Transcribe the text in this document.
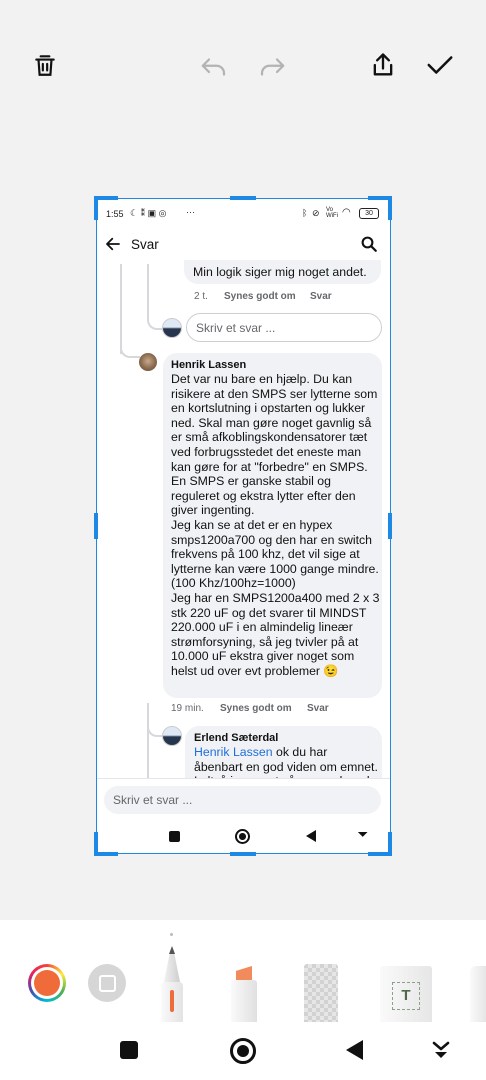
1:55 ☾ ⁑ ▣ ◎ ···	ᛒ ⊘ Vo
WiFi ◠	30
Svar
Min logik siger mig noget andet.
2 t. Synes godt om Svar
Skriv et svar ...
Henrik Lassen
Det var nu bare en hjælp. Du kan
risikere at den SMPS ser lytterne som
en kortslutning i opstarten og lukker
ned. Skal man gøre noget gavnlig så
er små afkoblingskondensatorer tæt
ved forbrugsstedet det eneste man
kan gøre for at "forbedre" en SMPS.
En SMPS er ganske stabil og
reguleret og ekstra lytter efter den
giver ingenting.
Jeg kan se at det er en hypex
smps1200a700 og den har en switch
frekvens på 100 khz, det vil sige at
lytterne kan være 1000 gange mindre.
(100 Khz/100hz=1000)
Jeg har en SMPS1200a400 med 2 x 3
stk 220 uF og det svarer til MINDST
220.000 uF i en almindelig lineær
strømforsyning, så jeg tvivler på at
10.000 uF ekstra giver noget som
helst ud over evt problemer 😉
19 min. Synes godt om Svar
Erlend Sæterdal
Henrik Lassen ok du har
åbenbart en god viden om emnet.
Skriv et svar ...
⏷
T
